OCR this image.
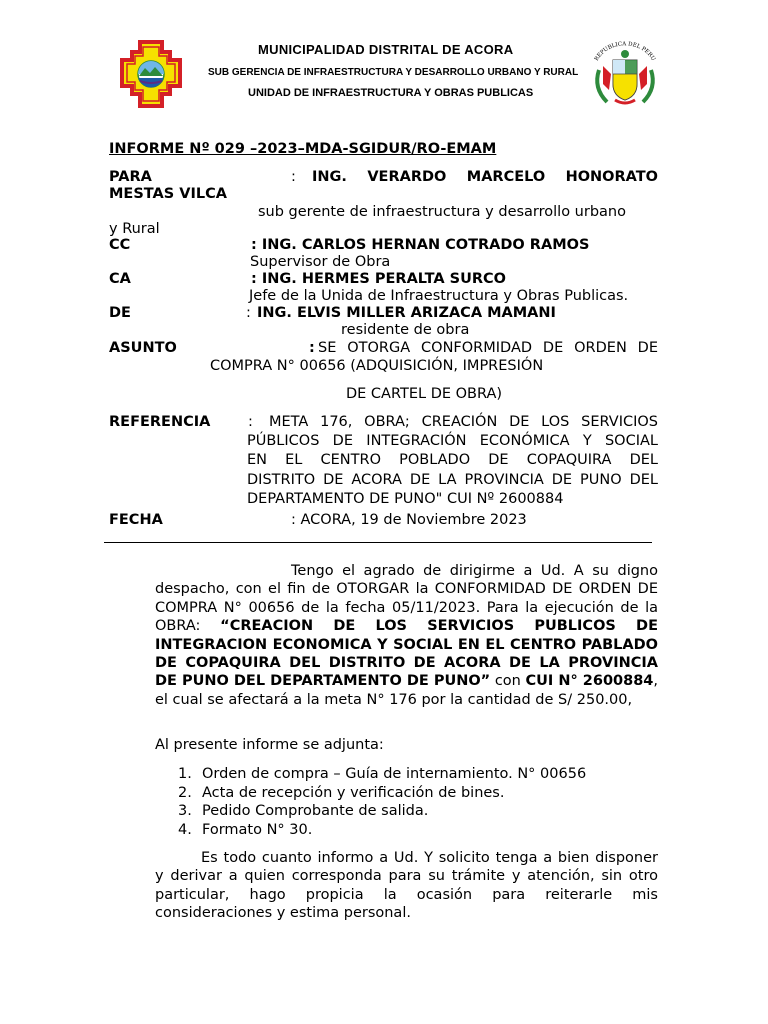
MUNICIPALIDAD DISTRITAL DE ACORA
SUB GERENCIA DE INFRAESTRUCTURA Y DESARROLLO URBANO Y RURAL
UNIDAD DE INFRAESTRUCTURA Y OBRAS PUBLICAS
REPUBLICA DEL PERU
INFORME Nº 029 –2023–MDA-SGIDUR/RO-EMAM
PARA	: ING. VERARDO MARCELO HONORATO
MESTAS VILCA
sub gerente de infraestructura y desarrollo urbano
y Rural
CC	: ING. CARLOS HERNAN COTRADO RAMOS
Supervisor de Obra
CA	: ING. HERMES PERALTA SURCO
Jefe de la Unida de Infraestructura y Obras Publicas.
DE	: ING. ELVIS MILLER ARIZACA MAMANI
residente de obra
ASUNTO	: SE OTORGA CONFORMIDAD DE ORDEN DE
COMPRA N° 00656 (ADQUISICIÓN, IMPRESIÓN
DE CARTEL DE OBRA)
REFERENCIA	: META 176, OBRA; CREACIÓN DE LOS SERVICIOS
PÚBLICOS DE INTEGRACIÓN ECONÓMICA Y SOCIAL
EN EL CENTRO POBLADO DE COPAQUIRA DEL
DISTRITO DE ACORA DE LA PROVINCIA DE PUNO DEL
DEPARTAMENTO DE PUNO" CUI Nº 2600884
FECHA	: ACORA, 19 de Noviembre 2023
Tengo el agrado de dirigirme a Ud. A su digno despacho, con el fin de OTORGAR la CONFORMIDAD DE ORDEN DE COMPRA N° 00656 de la fecha 05/11/2023. Para la ejecución de la OBRA: “CREACION DE LOS SERVICIOS PUBLICOS DE INTEGRACION ECONOMICA Y SOCIAL EN EL CENTRO PABLADO DE COPAQUIRA DEL DISTRITO DE ACORA DE LA PROVINCIA DE PUNO DEL DEPARTAMENTO DE PUNO” con CUI N° 2600884, el cual se afectará a la meta N° 176 por la cantidad de S/ 250.00,
Al presente informe se adjunta:
1. Orden de compra – Guía de internamiento. N° 00656
2. Acta de recepción y verificación de bines.
3. Pedido Comprobante de salida.
4. Formato N° 30.
Es todo cuanto informo a Ud. Y solicito tenga a bien disponer y derivar a quien corresponda para su trámite y atención, sin otro particular, hago propicia la ocasión para reiterarle mis consideraciones y estima personal.
